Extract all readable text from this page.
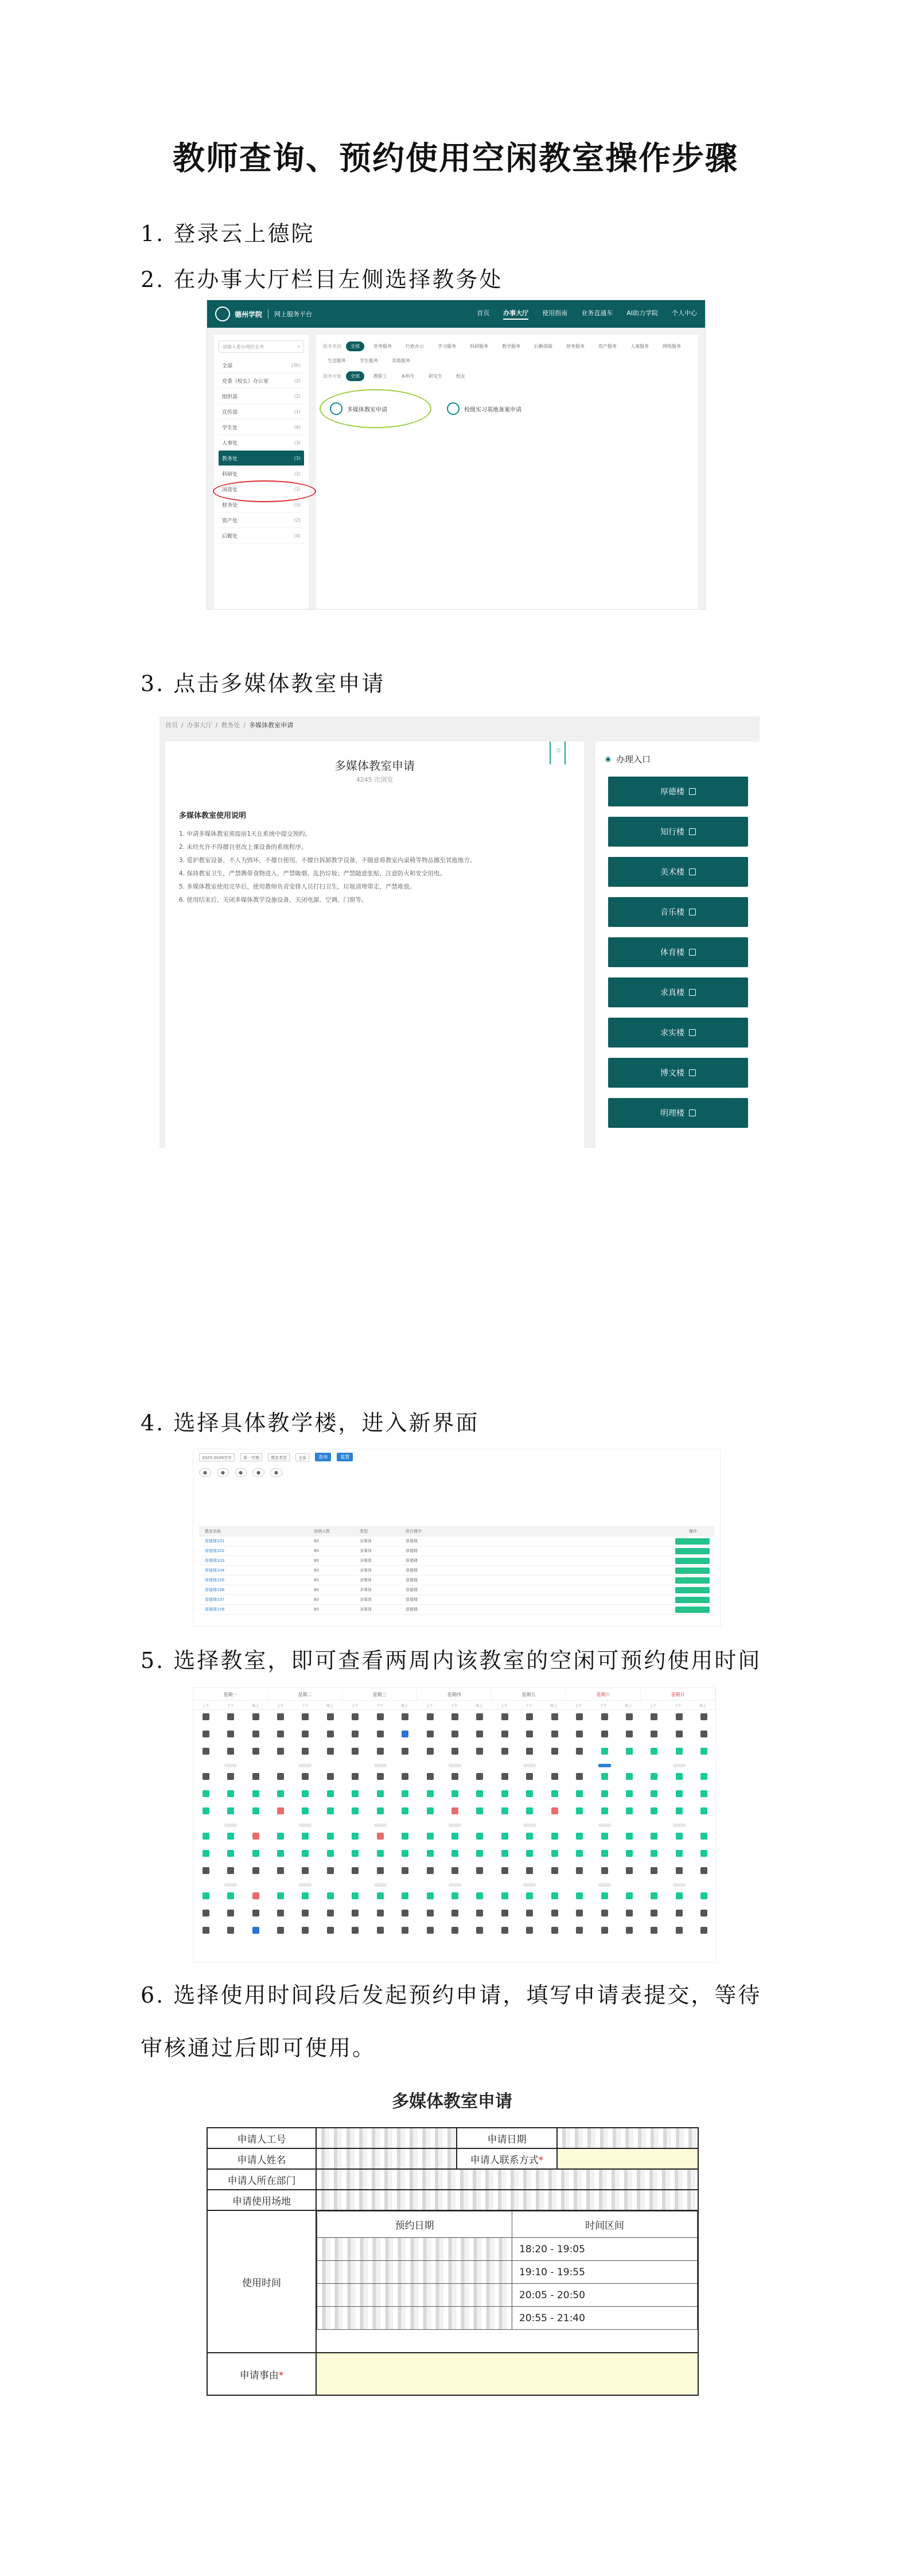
教师查询、预约使用空闲教室操作步骤
1. 登录云上德院
2. 在办事大厅栏目左侧选择教务处
德州学院	网上服务平台	首页 办事大厅 使用指南 业务直通车 AI助力学院 个人中心
请输入要办理的业务	⌕
全部	(36)
党委（校长）办公室	(2)
组织部	(2)
宣传部	(1)
学生处	(4)
人事处	(3)
教务处	(3)
科研处	(2)
国资处	(2)
财务处	(3)
资产处	(2)
后勤处	(4)
服务类别	全部	党务服务	行政办公	学习服务	科研服务	教学服务	后勤保障	财务服务	资产服务	人事服务	网络服务
生活服务	学生服务	其他服务
服务对象	全部	教职工	本科生	研究生	校友
多媒体教室申请	校级实习基地备案申请
3. 点击多媒体教室申请
首页 / 办事大厅 / 教务处 / 多媒体教室申请
☆
多媒体教室申请
4245 次浏览
多媒体教室使用说明
1. 申请多媒体教室须提前1天在系统中提交预约。
2. 未经允许不得擅自更改上课设备的系统程序。
3. 爱护教室设备，不人为毁坏，不擅自使用，不擅自拆卸教学设备，不随意将教室内桌椅等物品挪至其他地方。
4. 保持教室卫生，严禁携带食物进入，严禁吸烟、乱扔垃圾；严禁随意张贴，注意防火和安全用电。
5. 多媒体教室使用完毕后，使用教师负责安排人员打扫卫生，垃圾清理带走，严禁堆放。
6. 使用结束后，关闭多媒体教学设施设备，关闭电源、空调、门窗等。
办理入口
厚德楼
知行楼
美术楼
音乐楼
体育楼
求真楼
求实楼
博文楼
明理楼
4. 选择具体教学楼，进入新界面
2025-2026学年	第一学期	教室类型	全部	查询	重置
●	●	●	●	●
教室名称	容纳人数	类型	所在楼宇	操作
厚德楼101	80	多媒体	厚德楼
厚德楼102	80	多媒体	厚德楼
厚德楼103	80	多媒体	厚德楼
厚德楼104	80	多媒体	厚德楼
厚德楼105	80	多媒体	厚德楼
厚德楼106	80	多媒体	厚德楼
厚德楼107	80	多媒体	厚德楼
厚德楼108	80	多媒体	厚德楼
5. 选择教室，即可查看两周内该教室的空闲可预约使用时间
星期一	星期二	星期三	星期四	星期五	星期六	星期日
上午	下午	晚上	上午	下午	晚上	上午	下午	晚上	上午	下午	晚上	上午	下午	晚上	上午	下午	晚上	上午	下午	晚上
6. 选择使用时间段后发起预约申请，填写申请表提交，等待审核通过后即可使用。
多媒体教室申请
申请人工号		申请日期	
申请人姓名		申请人联系方式*	
申请人所在部门	
申请使用场地	
使用时间	
预约日期	时间区间
	18:20 - 19:05
	19:10 - 19:55
	20:05 - 20:50
	20:55 - 21:40

申请事由*	
